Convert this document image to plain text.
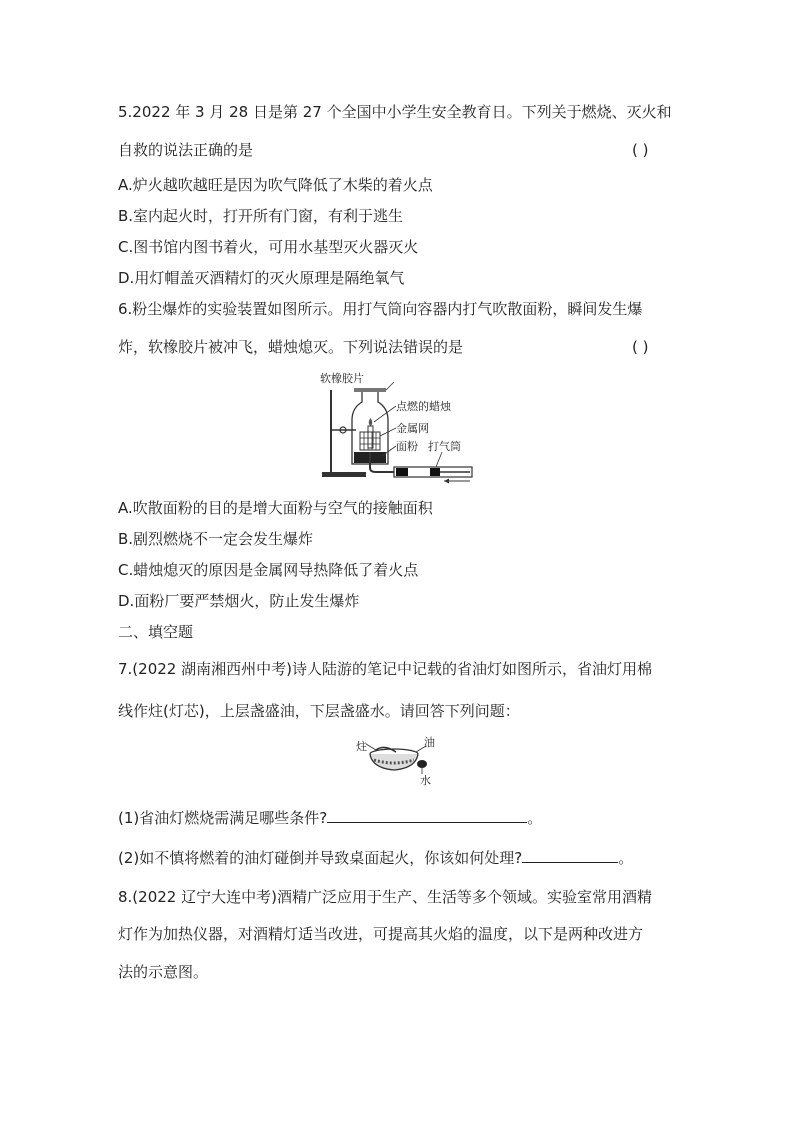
5.2022 年 3 月 28 日是第 27 个全国中小学生安全教育日。下列关于燃烧、灭火和
自救的说法正确的是	( )
A.炉火越吹越旺是因为吹气降低了木柴的着火点
B.室内起火时，打开所有门窗，有利于逃生
C.图书馆内图书着火，可用水基型灭火器灭火
D.用灯帽盖灭酒精灯的灭火原理是隔绝氧气
6.粉尘爆炸的实验装置如图所示。用打气筒向容器内打气吹散面粉，瞬间发生爆
炸，软橡胶片被冲飞，蜡烛熄灭。下列说法错误的是	( )
软橡胶片
点燃的蜡烛
金属网
面粉 打气筒
A.吹散面粉的目的是增大面粉与空气的接触面积
B.剧烈燃烧不一定会发生爆炸
C.蜡烛熄灭的原因是金属网导热降低了着火点
D.面粉厂要严禁烟火，防止发生爆炸
二、填空题
7.(2022 湖南湘西州中考)诗人陆游的笔记中记载的省油灯如图所示，省油灯用棉
线作炷(灯芯)，上层盏盛油，下层盏盛水。请回答下列问题：
炷	油
水
(1)省油灯燃烧需满足哪些条件?	。
(2)如不慎将燃着的油灯碰倒并导致桌面起火，你该如何处理?	。
8.(2022 辽宁大连中考)酒精广泛应用于生产、生活等多个领域。实验室常用酒精
灯作为加热仪器，对酒精灯适当改进，可提高其火焰的温度，以下是两种改进方
法的示意图。
